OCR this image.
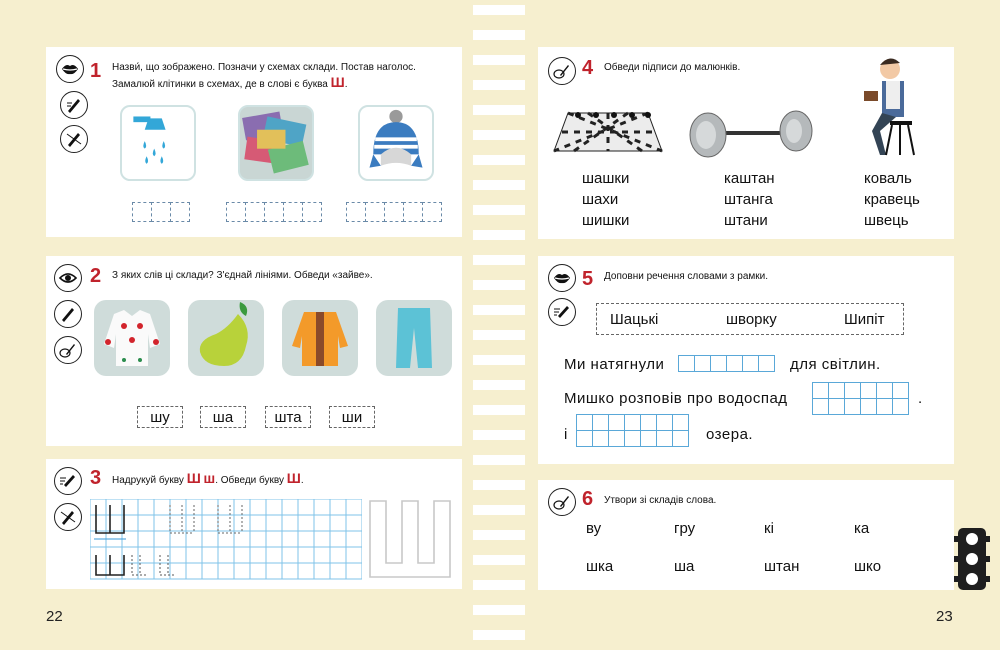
1 Назви́, що зображено. Позначи у схемах склади. Постав наголос.
Замалюй клітинки в схемах, де в слові є буква Ш.
2 З яких слів ці склади? З'єднай лініями. Обведи «зайве».
шу	ша	шта	ши
3 Надрукуй букву Ш ш. Обведи букву Ш.
4 Обведи підписи до малюнків.
шашки
шахи
шишки
каштан
штанга
штани
коваль
кравець
швець
5 Доповни речення словами з рамки.
Шацькі	шворку	Шипіт
Ми натягнули	для світлин.
Мишко розповів про водоспад	.
і	озера.
6 Утвори зі складів слова.
ву	гру	кі	ка
шка	ша	штан	шко
22	23
